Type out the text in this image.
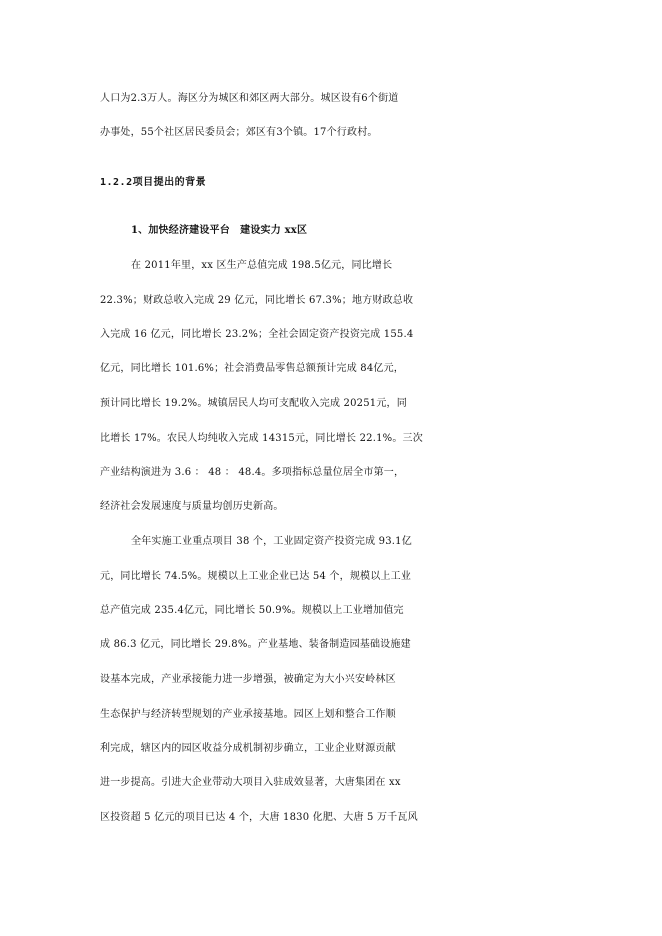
人口为2.3万人。海区分为城区和郊区两大部分。城区设有6个街道
办事处，55个社区居民委员会；郊区有3个镇。17个行政村。
1.2.2项目提出的背景
1、加快经济建设平台　建设实力 xx区
在 2011年里，xx 区生产总值完成 198.5亿元，同比增长
22.3%；财政总收入完成 29 亿元，同比增长 67.3%；地方财政总收
入完成 16 亿元，同比增长 23.2%；全社会固定资产投资完成 155.4
亿元，同比增长 101.6%；社会消费品零售总额预计完成 84亿元，
预计同比增长 19.2%。城镇居民人均可支配收入完成 20251元，同
比增长 17%。农民人均纯收入完成 14315元，同比增长 22.1%。三次
产业结构演进为 3.6 ： 48 ： 48.4。多项指标总量位居全市第一，
经济社会发展速度与质量均创历史新高。
全年实施工业重点项目 38 个，工业固定资产投资完成 93.1亿
元，同比增长 74.5%。规模以上工业企业已达 54 个，规模以上工业
总产值完成 235.4亿元，同比增长 50.9%。规模以上工业增加值完
成 86.3 亿元，同比增长 29.8%。产业基地、装备制造园基础设施建
设基本完成，产业承接能力进一步增强，被确定为大小兴安岭林区
生态保护与经济转型规划的产业承接基地。园区上划和整合工作顺
利完成，辖区内的园区收益分成机制初步确立，工业企业财源贡献
进一步提高。引进大企业带动大项目入驻成效显著，大唐集团在 xx
区投资超 5 亿元的项目已达 4 个，大唐 1830 化肥、大唐 5 万千瓦风
